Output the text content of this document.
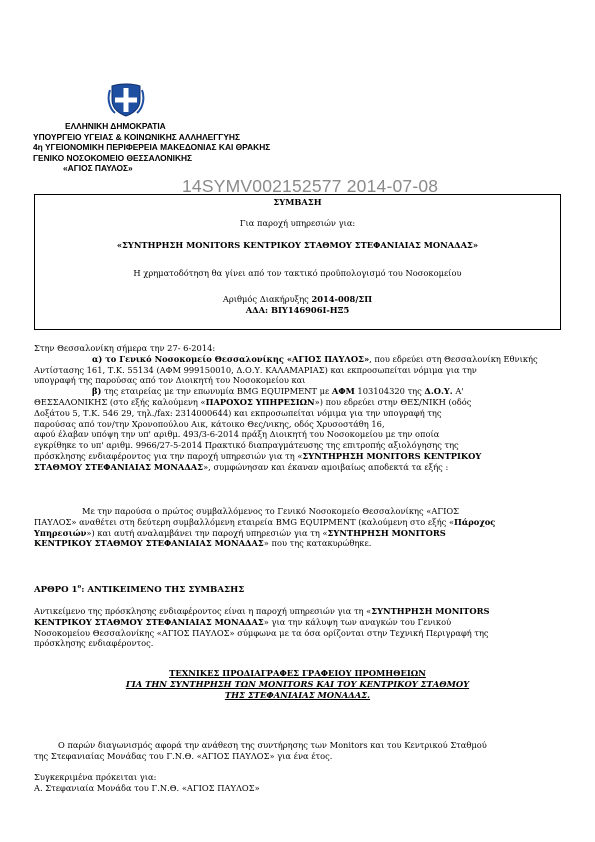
ΕΛΛΗΝΙΚΗ ΔΗΜΟΚΡΑΤΙΑ
ΥΠΟΥΡΓΕΙΟ ΥΓΕΙΑΣ & ΚΟΙΝΩΝΙΚΗΣ ΑΛΛΗΛΕΓΓΥΗΣ
4η ΥΓΕΙΟΝΟΜΙΚΗ ΠΕΡΙΦΕΡΕΙΑ ΜΑΚΕΔΟΝΙΑΣ ΚΑΙ ΘΡΑΚΗΣ
ΓΕΝΙΚΟ ΝΟΣΟΚΟΜΕΙΟ ΘΕΣΣΑΛΟΝΙΚΗΣ
«ΑΓΙΟΣ ΠΑΥΛΟΣ»
14SYMV002152577 2014-07-08
ΣΥΜΒΑΣΗ
Για παροχή υπηρεσιών για:
«ΣΥΝΤΗΡΗΣΗ MONITORS ΚΕΝΤΡΙΚΟΥ ΣΤΑΘΜΟΥ ΣΤΕΦΑΝΙΑΙΑΣ ΜΟΝΑΔΑΣ»
Η χρηματοδότηση θα γίνει από τον τακτικό προϋπολογισμό του Νοσοκομείου
Αριθμός Διακήρυξης 2014-008/ΣΠ
ΑΔΑ: ΒΙΥ146906Ι-ΗΞ5
Στην Θεσσαλονίκη σήμερα την 27- 6-2014:
α) το Γενικό Νοσοκομείο Θεσσαλονίκης «ΑΓΙΟΣ ΠΑΥΛΟΣ», που εδρεύει στη Θεσσαλονίκη Εθνικής
Αντίστασης 161, Τ.Κ. 55134 (ΑΦΜ 999150010, Δ.Ο.Υ. ΚΑΛΑΜΑΡΙΑΣ) και εκπροσωπείται νόμιμα για την
υπογραφή της παρούσας από τον Διοικητή του Νοσοκομείου και
β) της εταιρείας με την επωνυμία BMG EQUIPMENT με ΑΦΜ 103104320 της Δ.Ο.Υ. Α'
ΘΕΣΣΑΛΟΝΙΚΗΣ (στο εξής καλούμενη «ΠΑΡΟΧΟΣ ΥΠΗΡΕΣΙΩΝ») που εδρεύει στην ΘΕΣ/ΝΙΚΗ (οδός
Δοξάτου 5, Τ.Κ. 546 29, τηλ./fax: 2314000644) και εκπροσωπείται νόμιμα για την υπογραφή της
παρούσας από τον/την Χρονοπούλου Αικ, κάτοικο Θες/νικης, οδός Χρυσοστάθη 16,
αφού έλαβαν υπόψη την υπ' αριθμ. 493/3-6-2014 πράξη Διοικητή του Νοσοκομείου με την οποία
εγκρίθηκε το υπ' αριθμ. 9966/27-5-2014 Πρακτικό διαπραγμάτευσης της επιτροπής αξιολόγησης της
πρόσκλησης ενδιαφέροντος για την παροχή υπηρεσιών για τη «ΣΥΝΤΗΡΗΣΗ MONITORS ΚΕΝΤΡΙΚΟΥ
ΣΤΑΘΜΟΥ ΣΤΕΦΑΝΙΑΙΑΣ ΜΟΝΑΔΑΣ», συμφώνησαν και έκαναν αμοιβαίως αποδεκτά τα εξής :
Με την παρούσα ο πρώτος συμβαλλόμενος το Γενικό Νοσοκομείο Θεσσαλονίκης «ΑΓΙΟΣ
ΠΑΥΛΟΣ» αναθέτει στη δεύτερη συμβαλλόμενη εταιρεία BMG EQUIPMENT (καλούμενη στο εξής «Πάροχος
Υπηρεσιών») και αυτή αναλαμβάνει την παροχή υπηρεσιών για τη «ΣΥΝΤΗΡΗΣΗ MONITORS
ΚΕΝΤΡΙΚΟΥ ΣΤΑΘΜΟΥ ΣΤΕΦΑΝΙΑΙΑΣ ΜΟΝΑΔΑΣ» που της κατακυρώθηκε.
ΑΡΘΡΟ $1^o$: ΑΝΤΙΚΕΙΜΕΝΟ ΤΗΣ ΣΥΜΒΑΣΗΣ
Αντικείμενο της πρόσκλησης ενδιαφέροντος είναι η παροχή υπηρεσιών για τη «ΣΥΝΤΗΡΗΣΗ MONITORS
ΚΕΝΤΡΙΚΟΥ ΣΤΑΘΜΟΥ ΣΤΕΦΑΝΙΑΙΑΣ ΜΟΝΑΔΑΣ» για την κάλυψη των αναγκών του Γενικού
Νοσοκομείου Θεσσαλονίκης «ΑΓΙΟΣ ΠΑΥΛΟΣ» σύμφωνα με τα όσα ορίζονται στην Τεχνική Περιγραφή της
πρόσκλησης ενδιαφέροντος.
ΤΕΧΝΙΚΕΣ ΠΡΟΔΙΑΓΡΑΦΕΣ ΓΡΑΦΕΙΟΥ ΠΡΟΜΗΘΕΙΩΝ
ΓΙΑ ΤΗΝ ΣΥΝΤΗΡΗΣΗ ΤΩΝ MONITORS ΚΑΙ ΤΟΥ ΚΕΝΤΡΙΚΟΥ ΣΤΑΘΜΟΥ
ΤΗΣ ΣΤΕΦΑΝΙΑΙΑΣ ΜΟΝΑΔΑΣ.
Ο παρών διαγωνισμός αφορά την ανάθεση της συντήρησης των Monitors και του Κεντρικού Σταθμού
της Στεφανιαίας Μονάδας του Γ.Ν.Θ. «ΑΓΙΟΣ ΠΑΥΛΟΣ» για ένα έτος.
Συγκεκριμένα πρόκειται για:
Α. Στεφανιαία Μονάδα του Γ.Ν.Θ. «ΑΓΙΟΣ ΠΑΥΛΟΣ»
